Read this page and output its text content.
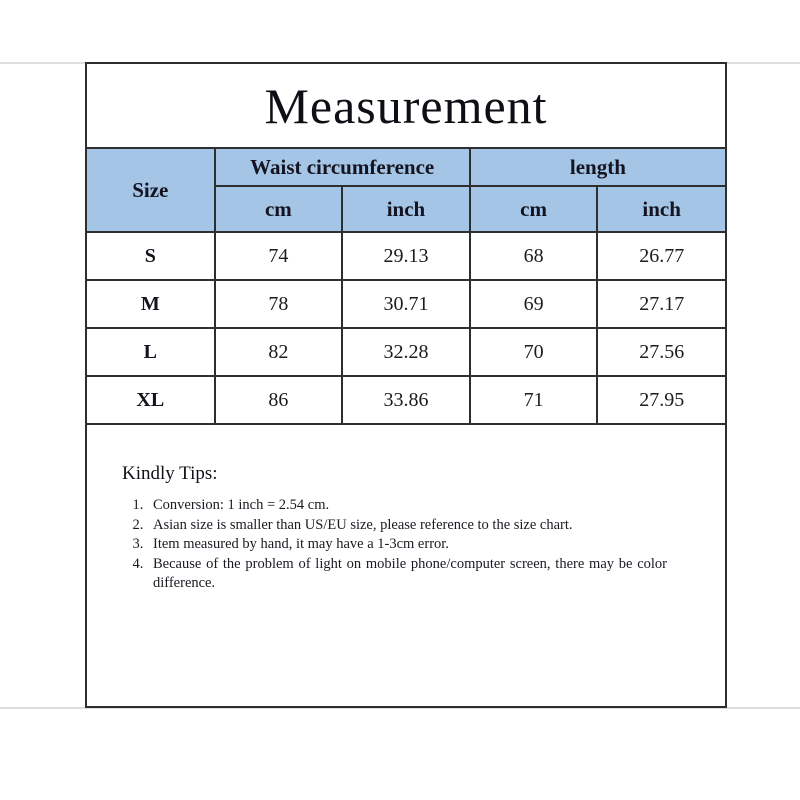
Measurement
Size	Waist circumference		length	
	cm	inch	cm	inch
S	74	29.13	68	26.77
M	78	30.71	69	27.17
L	82	32.28	70	27.56
XL	86	33.86	71	27.95
Kindly Tips:
1. Conversion: 1 inch = 2.54 cm.
2. Asian size is smaller than US/EU size, please reference to the size chart.
3. Item measured by hand, it may have a 1-3cm error.
4. Because of the problem of light on mobile phone/computer screen, there may be color difference.
